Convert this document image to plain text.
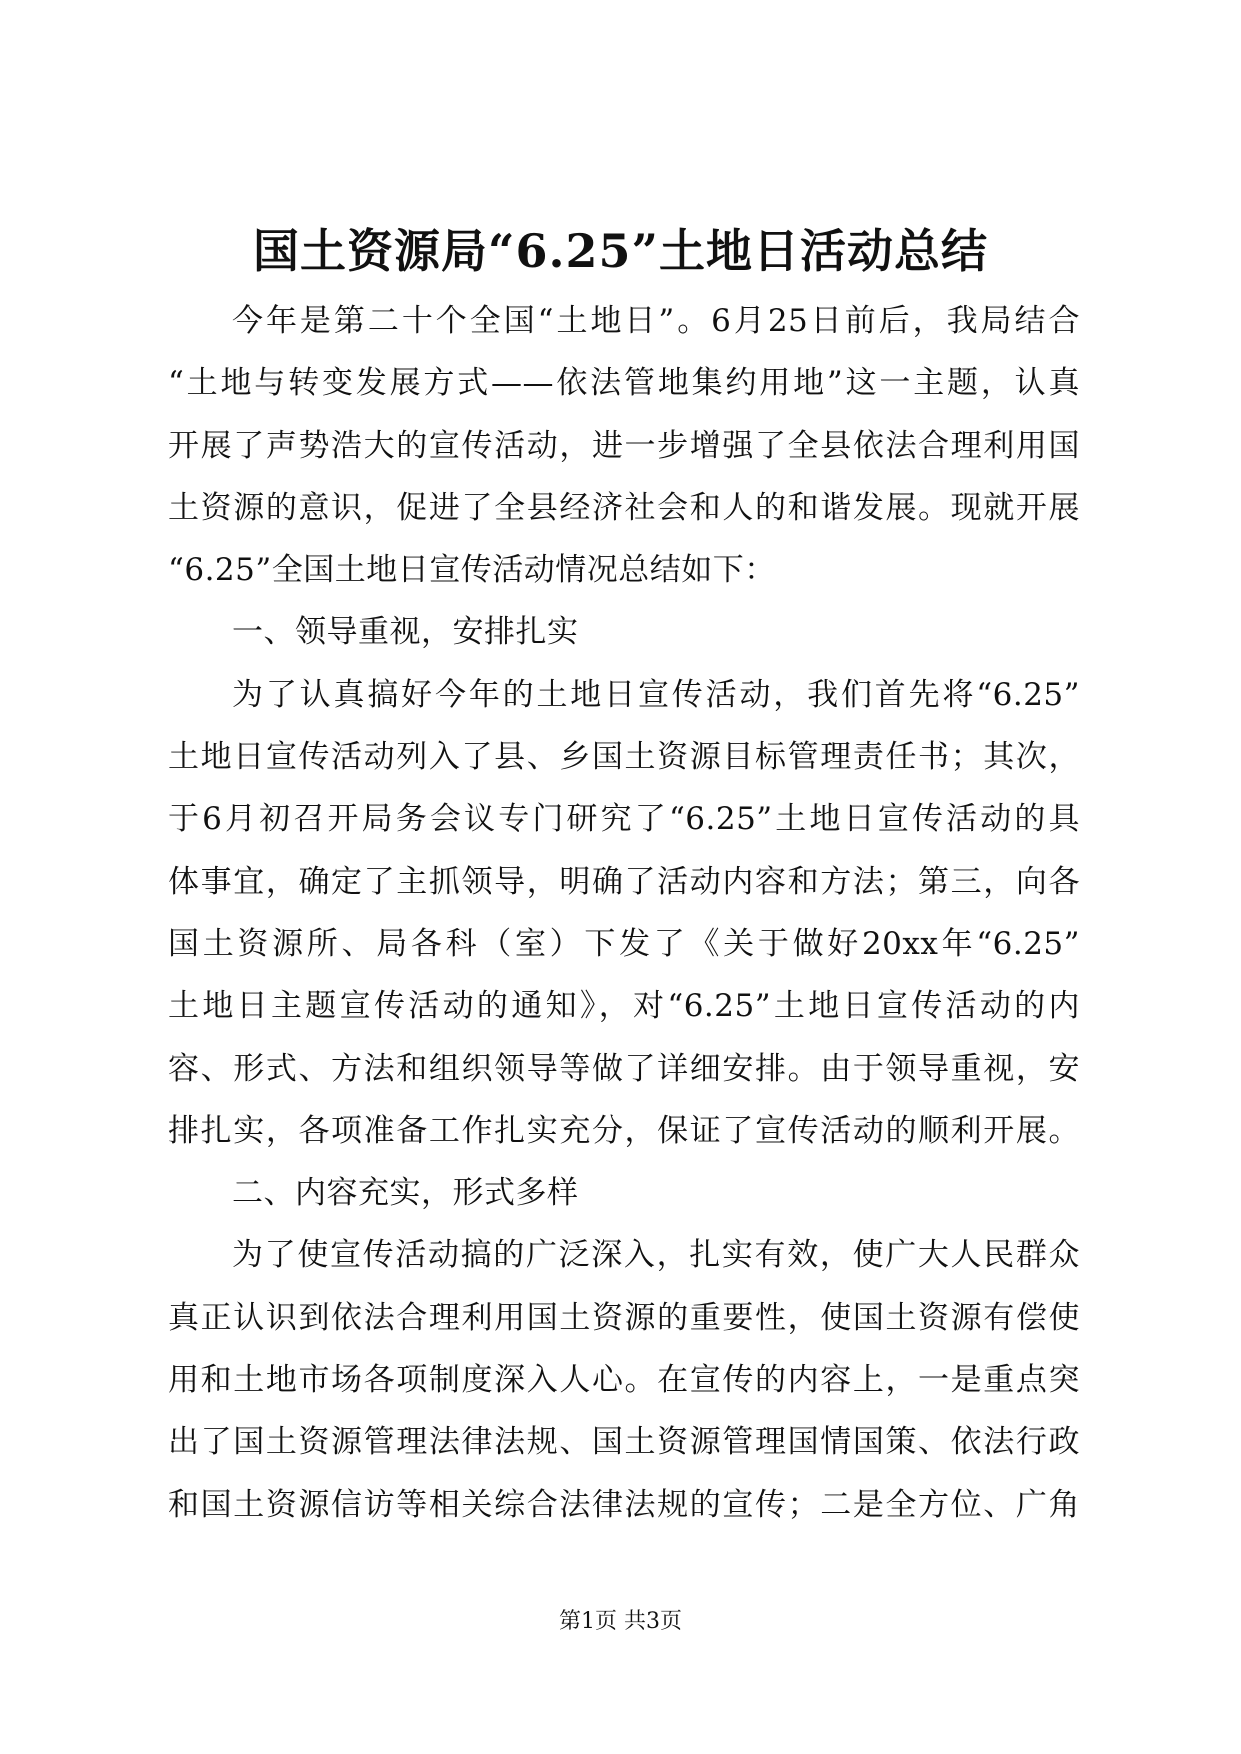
国土资源局“6.25”土地日活动总结
今年是第二十个全国“土地日”。6月25日前后，我局结合
“土地与转变发展方式——依法管地集约用地”这一主题，认真
开展了声势浩大的宣传活动，进一步增强了全县依法合理利用国
土资源的意识，促进了全县经济社会和人的和谐发展。现就开展
“6.25”全国土地日宣传活动情况总结如下：
一、领导重视，安排扎实
为了认真搞好今年的土地日宣传活动，我们首先将“6.25”
土地日宣传活动列入了县、乡国土资源目标管理责任书；其次，
于6月初召开局务会议专门研究了“6.25”土地日宣传活动的具
体事宜，确定了主抓领导，明确了活动内容和方法；第三，向各
国土资源所、局各科（室）下发了《关于做好20xx年“6.25”
土地日主题宣传活动的通知》，对“6.25”土地日宣传活动的内
容、形式、方法和组织领导等做了详细安排。由于领导重视，安
排扎实，各项准备工作扎实充分，保证了宣传活动的顺利开展。
二、内容充实，形式多样
为了使宣传活动搞的广泛深入，扎实有效，使广大人民群众
真正认识到依法合理利用国土资源的重要性，使国土资源有偿使
用和土地市场各项制度深入人心。在宣传的内容上，一是重点突
出了国土资源管理法律法规、国土资源管理国情国策、依法行政
和国土资源信访等相关综合法律法规的宣传；二是全方位、广角
第1页 共3页
